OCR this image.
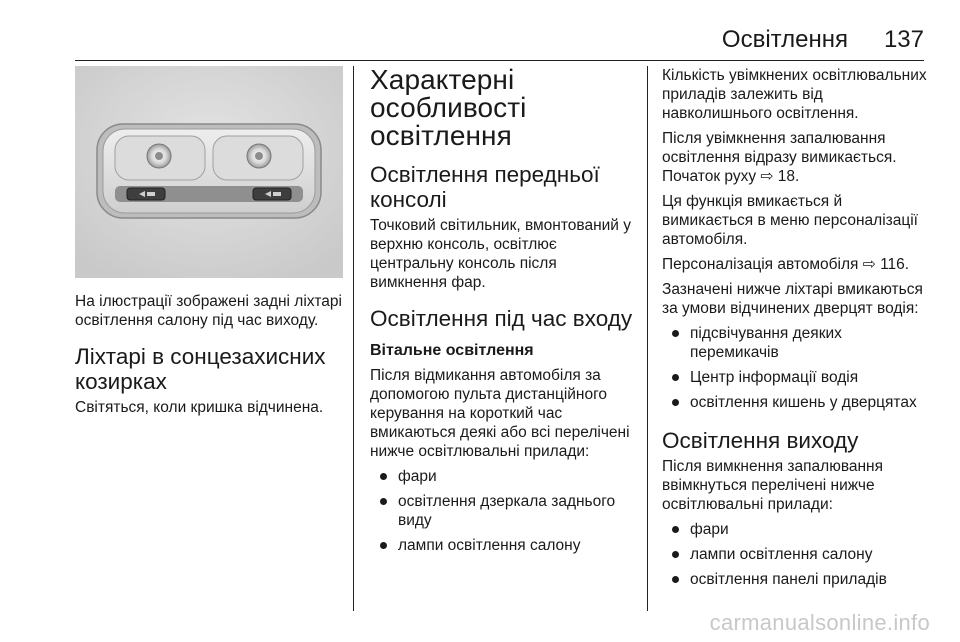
Освітлення 137

На ілюстрації зображені задні ліхтарі освітлення салону під час виходу.

Ліхтарі в сонцезахисних козирках

Світяться, коли кришка відчинена.

Характерні особливості освітлення
Освітлення передньої консолі

Точковий світильник, вмонтований у верхню консоль, освітлює центральну консоль після вимкнення фар.

Освітлення під час входу
Вітальне освітлення

Після відмикання автомобіля за допомогою пульта дистанційного керування на короткий час вмикаються деякі або всі перелічені нижче освітлювальні прилади:

фари
освітлення дзеркала заднього виду
лампи освітлення салону

Кількість увімкнених освітлювальних приладів залежить від навколишнього освітлення.

Після увімкнення запалювання освітлення відразу вимикається. Початок руху ⇨ 18.

Ця функція вмикається й вимикається в меню персоналізації автомобіля.

Персоналізація автомобіля ⇨ 116.

Зазначені нижче ліхтарі вмикаються за умови відчинених дверцят водія:

підсвічування деяких перемикачів
Центр інформації водія
освітлення кишень у дверцятах
Освітлення виходу

Після вимкнення запалювання ввімкнуться перелічені нижче освітлювальні прилади:

фари
лампи освітлення салону
освітлення панелі приладів
carmanualsonline.info
